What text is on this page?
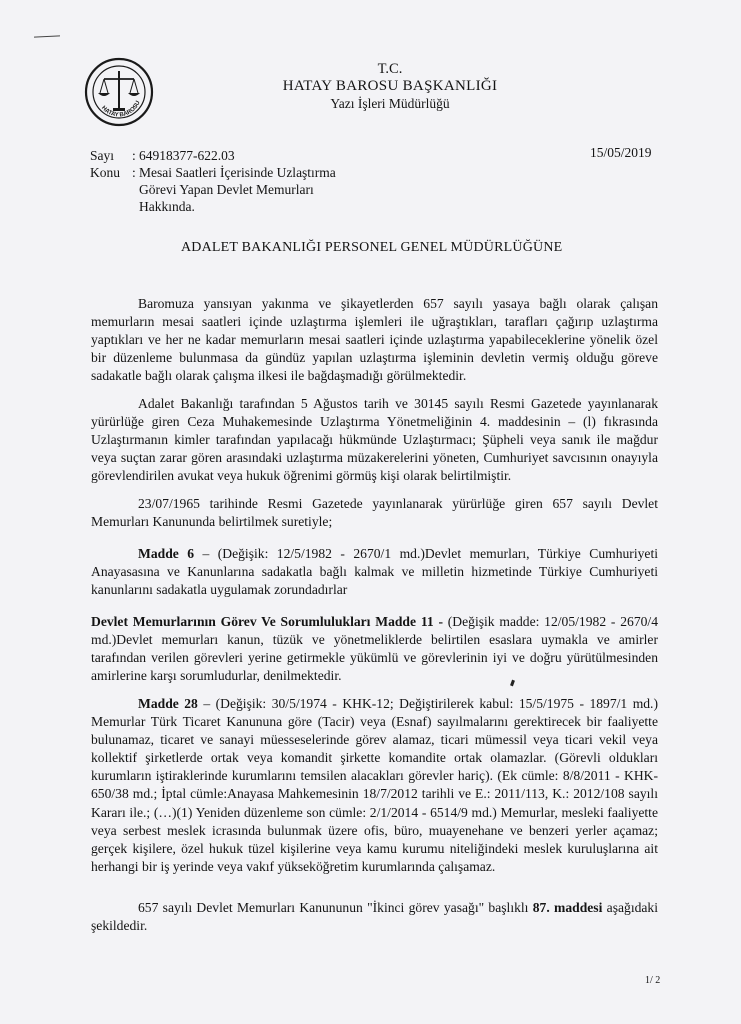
HATAY BAROSU
T.C.
HATAY BAROSU BAŞKANLIĞI
Yazı İşleri Müdürlüğü
Sayı : 64918377-622.03
Konu : Mesai Saatleri İçerisinde Uzlaştırma
Görevi Yapan Devlet Memurları
Hakkında.
15/05/2019
ADALET BAKANLIĞI PERSONEL GENEL MÜDÜRLÜĞÜNE
Baromuza yansıyan yakınma ve şikayetlerden 657 sayılı yasaya bağlı olarak çalışan memurların mesai saatleri içinde uzlaştırma işlemleri ile uğraştıkları, tarafları çağırıp uzlaştırma yaptıkları ve her ne kadar memurların mesai saatleri içinde uzlaştırma yapabileceklerine yönelik özel bir düzenleme bulunmasa da gündüz yapılan uzlaştırma işleminin devletin vermiş olduğu göreve sadakatle bağlı olarak çalışma ilkesi ile bağdaşmadığı görülmektedir.
Adalet Bakanlığı tarafından 5 Ağustos tarih ve 30145 sayılı Resmi Gazetede yayınlanarak yürürlüğe giren Ceza Muhakemesinde Uzlaştırma Yönetmeliğinin 4. maddesinin – (l) fıkrasında Uzlaştırmanın kimler tarafından yapılacağı hükmünde Uzlaştırmacı; Şüpheli veya sanık ile mağdur veya suçtan zarar gören arasındaki uzlaştırma müzakerelerini yöneten, Cumhuriyet savcısının onayıyla görevlendirilen avukat veya hukuk öğrenimi görmüş kişi olarak belirtilmiştir.
23/07/1965 tarihinde Resmi Gazetede yayınlanarak yürürlüğe giren 657 sayılı Devlet Memurları Kanununda belirtilmek suretiyle;
Madde 6 – (Değişik: 12/5/1982 - 2670/1 md.)Devlet memurları, Türkiye Cumhuriyeti Anayasasına ve Kanunlarına sadakatla bağlı kalmak ve milletin hizmetinde Türkiye Cumhuriyeti kanunlarını sadakatla uygulamak zorundadırlar
Devlet Memurlarının Görev Ve Sorumlulukları Madde 11 - (Değişik madde: 12/05/1982 - 2670/4 md.)Devlet memurları kanun, tüzük ve yönetmeliklerde belirtilen esaslara uymakla ve amirler tarafından verilen görevleri yerine getirmekle yükümlü ve görevlerinin iyi ve doğru yürütülmesinden amirlerine karşı sorumludurlar, denilmektedir.
Madde 28 – (Değişik: 30/5/1974 - KHK-12; Değiştirilerek kabul: 15/5/1975 - 1897/1 md.) Memurlar Türk Ticaret Kanununa göre (Tacir) veya (Esnaf) sayılmalarını gerektirecek bir faaliyette bulunamaz, ticaret ve sanayi müesseselerinde görev alamaz, ticari mümessil veya ticari vekil veya kollektif şirketlerde ortak veya komandit şirkette komandite ortak olamazlar. (Görevli oldukları kurumların iştiraklerinde kurumlarını temsilen alacakları görevler hariç). (Ek cümle: 8/8/2011 - KHK-650/38 md.; İptal cümle:Anayasa Mahkemesinin 18/7/2012 tarihli ve E.: 2011/113, K.: 2012/108 sayılı Kararı ile.; (…)(1) Yeniden düzenleme son cümle: 2/1/2014 - 6514/9 md.) Memurlar, mesleki faaliyette veya serbest meslek icrasında bulunmak üzere ofis, büro, muayenehane ve benzeri yerler açamaz; gerçek kişilere, özel hukuk tüzel kişilerine veya kamu kurumu niteliğindeki meslek kuruluşlarına ait herhangi bir iş yerinde veya vakıf yükseköğretim kurumlarında çalışamaz.
657 sayılı Devlet Memurları Kanununun "İkinci görev yasağı" başlıklı 87. maddesi aşağıdaki şekildedir.
1/ 2
